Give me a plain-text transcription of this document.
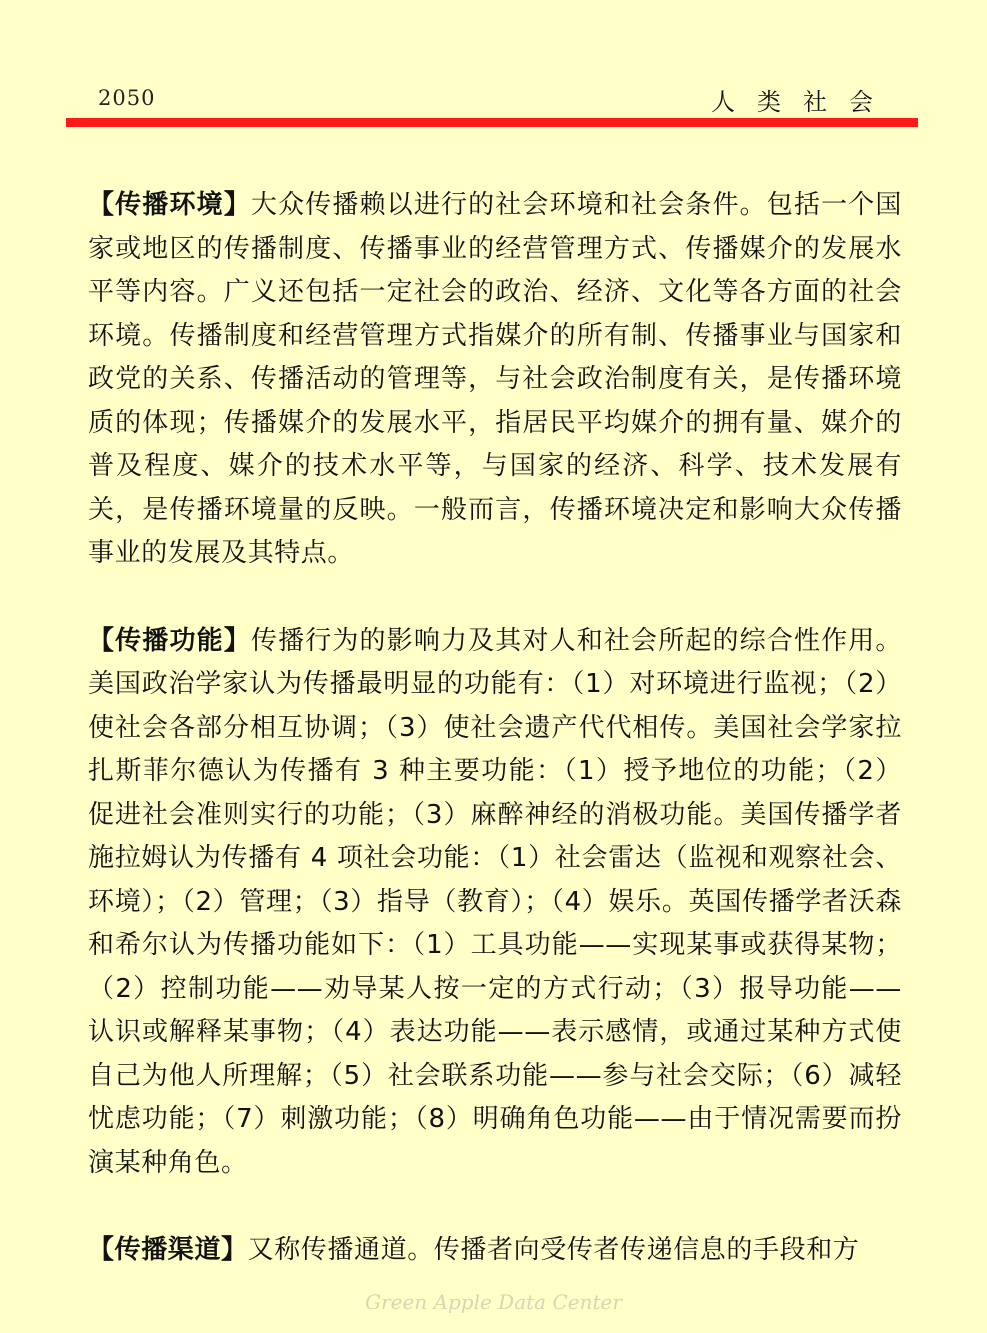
2050	人类社会

【传播环境】大众传播赖以进行的社会环境和社会条件。包括一个国家或地区的传播制度、传播事业的经营管理方式、传播媒介的发展水平等内容。广义还包括一定社会的政治、经济、文化等各方面的社会环境。传播制度和经营管理方式指媒介的所有制、传播事业与国家和政党的关系、传播活动的管理等，与社会政治制度有关，是传播环境质的体现；传播媒介的发展水平，指居民平均媒介的拥有量、媒介的普及程度、媒介的技术水平等，与国家的经济、科学、技术发展有关，是传播环境量的反映。一般而言，传播环境决定和影响大众传播事业的发展及其特点。

【传播功能】传播行为的影响力及其对人和社会所起的综合性作用。美国政治学家认为传播最明显的功能有：（1）对环境进行监视；（2）使社会各部分相互协调；（3）使社会遗产代代相传。美国社会学家拉扎斯菲尔德认为传播有 3 种主要功能：（1）授予地位的功能；（2）促进社会准则实行的功能；（3）麻醉神经的消极功能。美国传播学者施拉姆认为传播有 4 项社会功能：（1）社会雷达（监视和观察社会、环境）；（2）管理；（3）指导（教育）；（4）娱乐。英国传播学者沃森和希尔认为传播功能如下：（1）工具功能——实现某事或获得某物；（2）控制功能——劝导某人按一定的方式行动；（3）报导功能——认识或解释某事物；（4）表达功能——表示感情，或通过某种方式使自己为他人所理解；（5）社会联系功能——参与社会交际；（6）减轻忧虑功能；（7）刺激功能；（8）明确角色功能——由于情况需要而扮演某种角色。

【传播渠道】又称传播通道。传播者向受传者传递信息的手段和方

Green Apple Data Center
